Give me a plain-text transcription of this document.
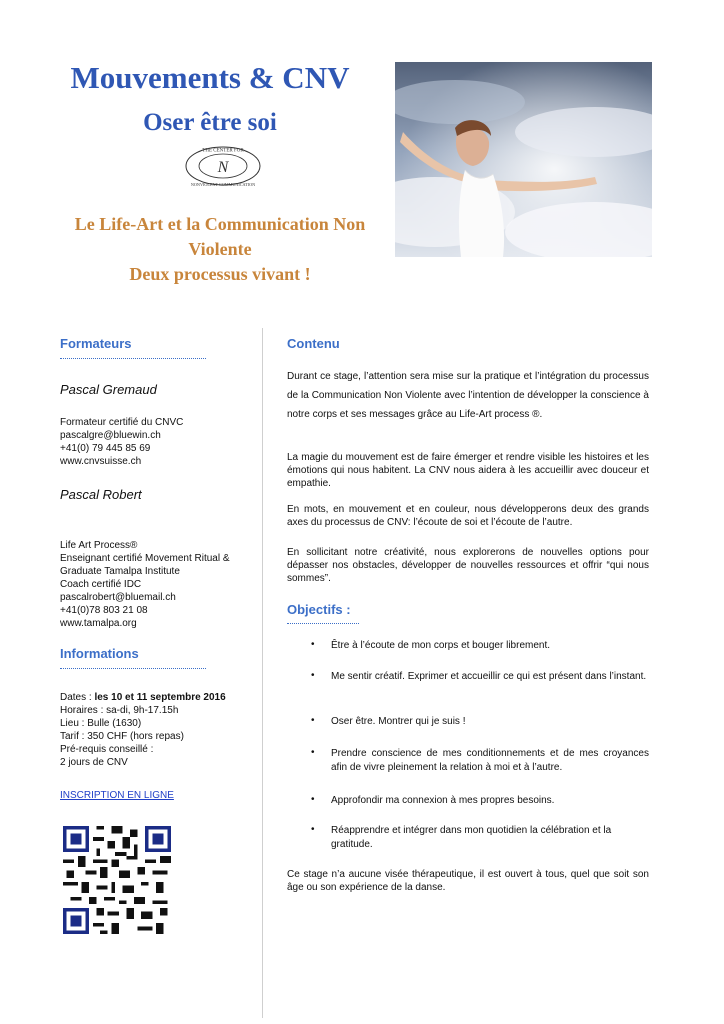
Mouvements & CNV
Oser être soi
THE CENTER FOR
N
NONVIOLENT COMMUNICATION
Le Life-Art et la Communication Non
Violente
Deux processus vivant !
Formateurs
Pascal Gremaud
Formateur certifié du CNVC
pascalgre@bluewin.ch
+41(0) 79 445 85 69
www.cnvsuisse.ch
Pascal Robert
Life Art Process®
Enseignant certifié Movement Ritual &
Graduate Tamalpa Institute
Coach certifié IDC
pascalrobert@bluemail.ch
+41(0)78 803 21 08
www.tamalpa.org
Informations
Dates : les 10 et 11 septembre 2016
Horaires : sa-di, 9h-17.15h
Lieu : Bulle (1630)
Tarif : 350 CHF (hors repas)
Pré-requis conseillé :
2 jours de CNV
INSCRIPTION EN LIGNE
Contenu
Durant ce stage, l’attention sera mise sur la pratique et l’intégration du processus de la Communication Non Violente avec l’intention de développer la conscience à notre corps et ses messages grâce au Life-Art process ®.
La magie du mouvement est de faire émerger et rendre visible les histoires et les émotions qui nous habitent. La CNV nous aidera à les accueillir avec douceur et empathie.
En mots, en mouvement et en couleur, nous développerons deux des grands axes du processus de CNV: l’écoute de soi et l’écoute de l’autre.
En sollicitant notre créativité, nous explorerons de nouvelles options pour dépasser nos obstacles, développer de nouvelles ressources et offrir “qui nous sommes”.
Objectifs :
• Être à l’écoute de mon corps et bouger librement.
• Me sentir créatif. Exprimer et accueillir ce qui est présent dans l’instant.
• Oser être. Montrer qui je suis !
• Prendre conscience de mes conditionnements et de mes croyances afin de vivre pleinement la relation à moi et à l’autre.
• Approfondir ma connexion à mes propres besoins.
• Réapprendre et intégrer dans mon quotidien la célébration et la gratitude.
Ce stage n’a aucune visée thérapeutique, il est ouvert à tous, quel que soit son âge ou son expérience de la danse.
